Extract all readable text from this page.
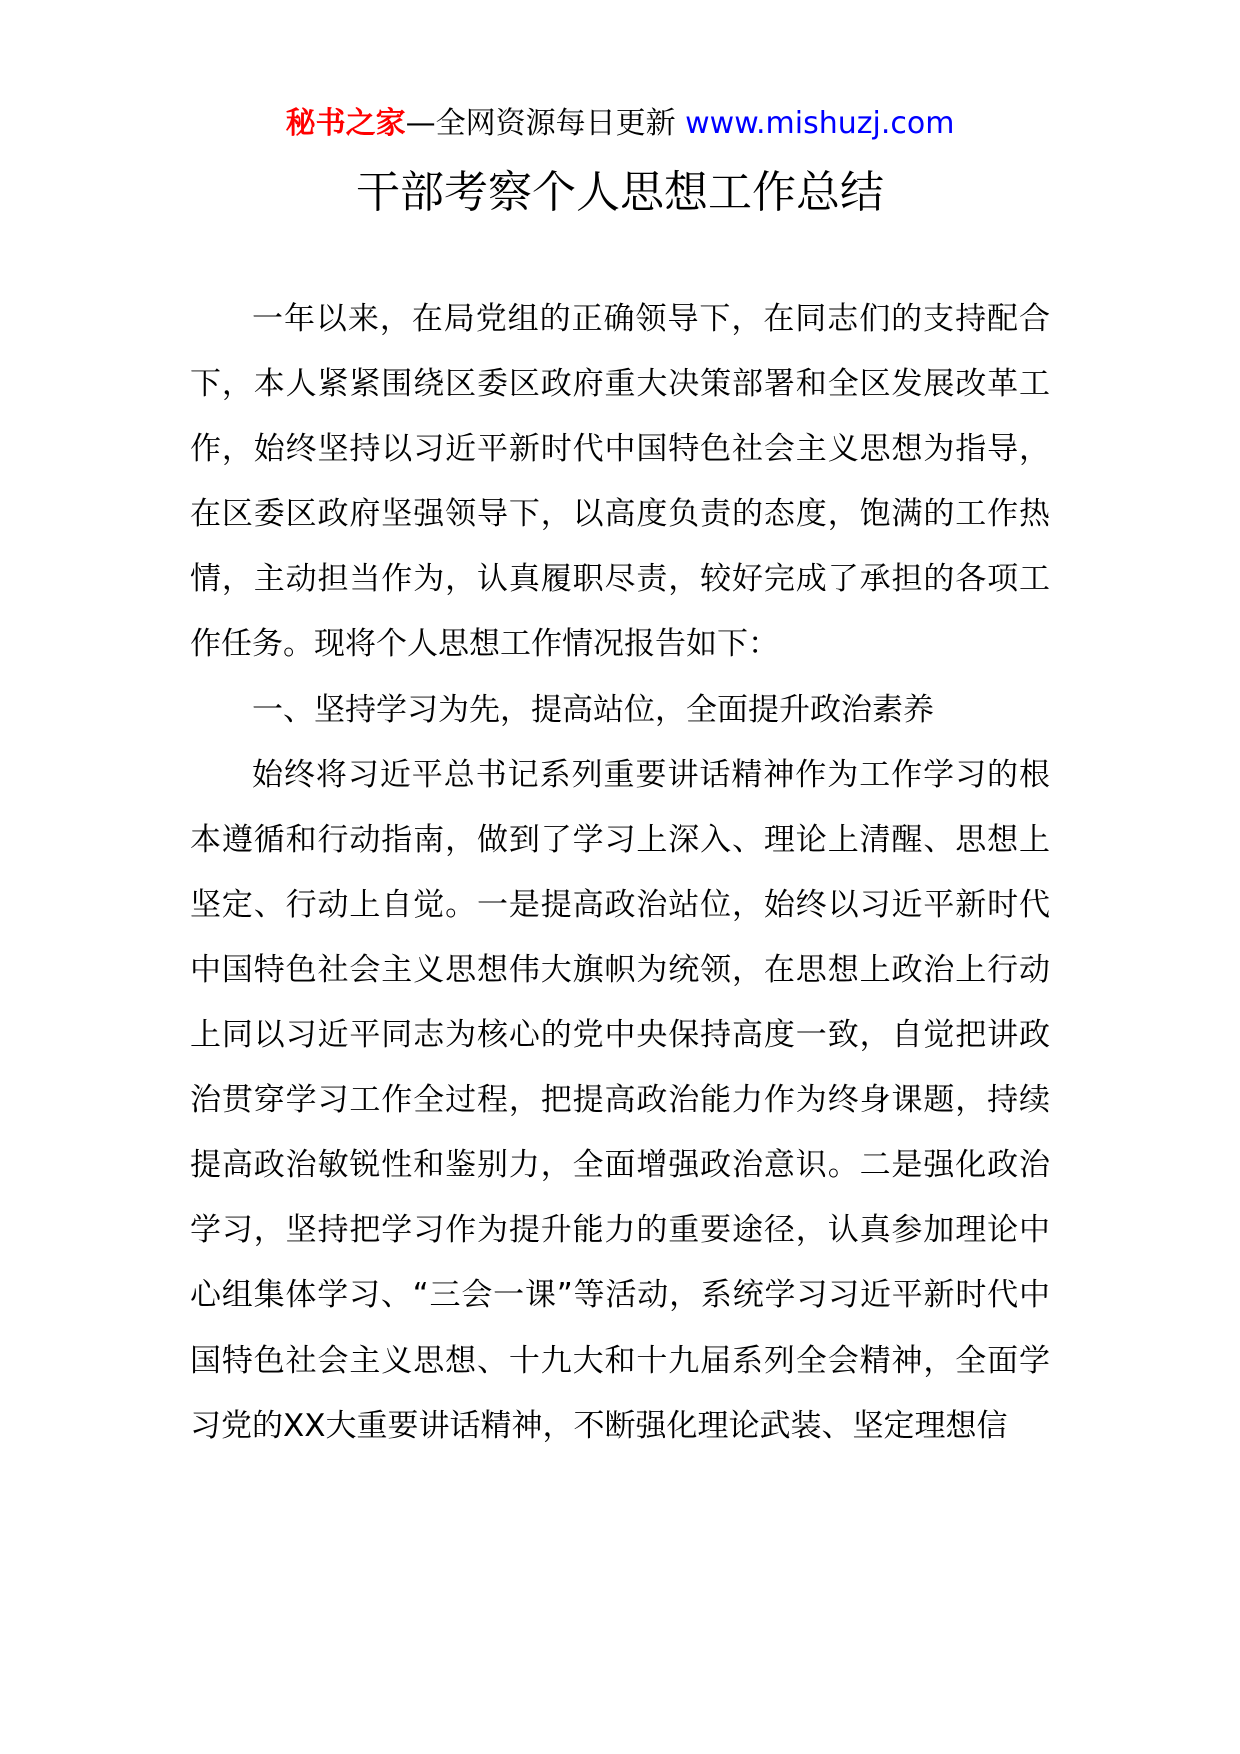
秘书之家—全网资源每日更新 www.mishuzj.com
干部考察个人思想工作总结

一年以来，在局党组的正确领导下，在同志们的支持配合下，本人紧紧围绕区委区政府重大决策部署和全区发展改革工作，始终坚持以习近平新时代中国特色社会主义思想为指导，在区委区政府坚强领导下，以高度负责的态度，饱满的工作热情，主动担当作为，认真履职尽责，较好完成了承担的各项工作任务。现将个人思想工作情况报告如下：

一、坚持学习为先，提高站位，全面提升政治素养

始终将习近平总书记系列重要讲话精神作为工作学习的根本遵循和行动指南，做到了学习上深入、理论上清醒、思想上坚定、行动上自觉。一是提高政治站位，始终以习近平新时代中国特色社会主义思想伟大旗帜为统领，在思想上政治上行动上同以习近平同志为核心的党中央保持高度一致，自觉把讲政治贯穿学习工作全过程，把提高政治能力作为终身课题，持续提高政治敏锐性和鉴别力，全面增强政治意识。二是强化政治学习，坚持把学习作为提升能力的重要途径，认真参加理论中心组集体学习、“三会一课”等活动，系统学习习近平新时代中国特色社会主义思想、十九大和十九届系列全会精神，全面学习党的XX大重要讲话精神，不断强化理论武装、坚定理想信
